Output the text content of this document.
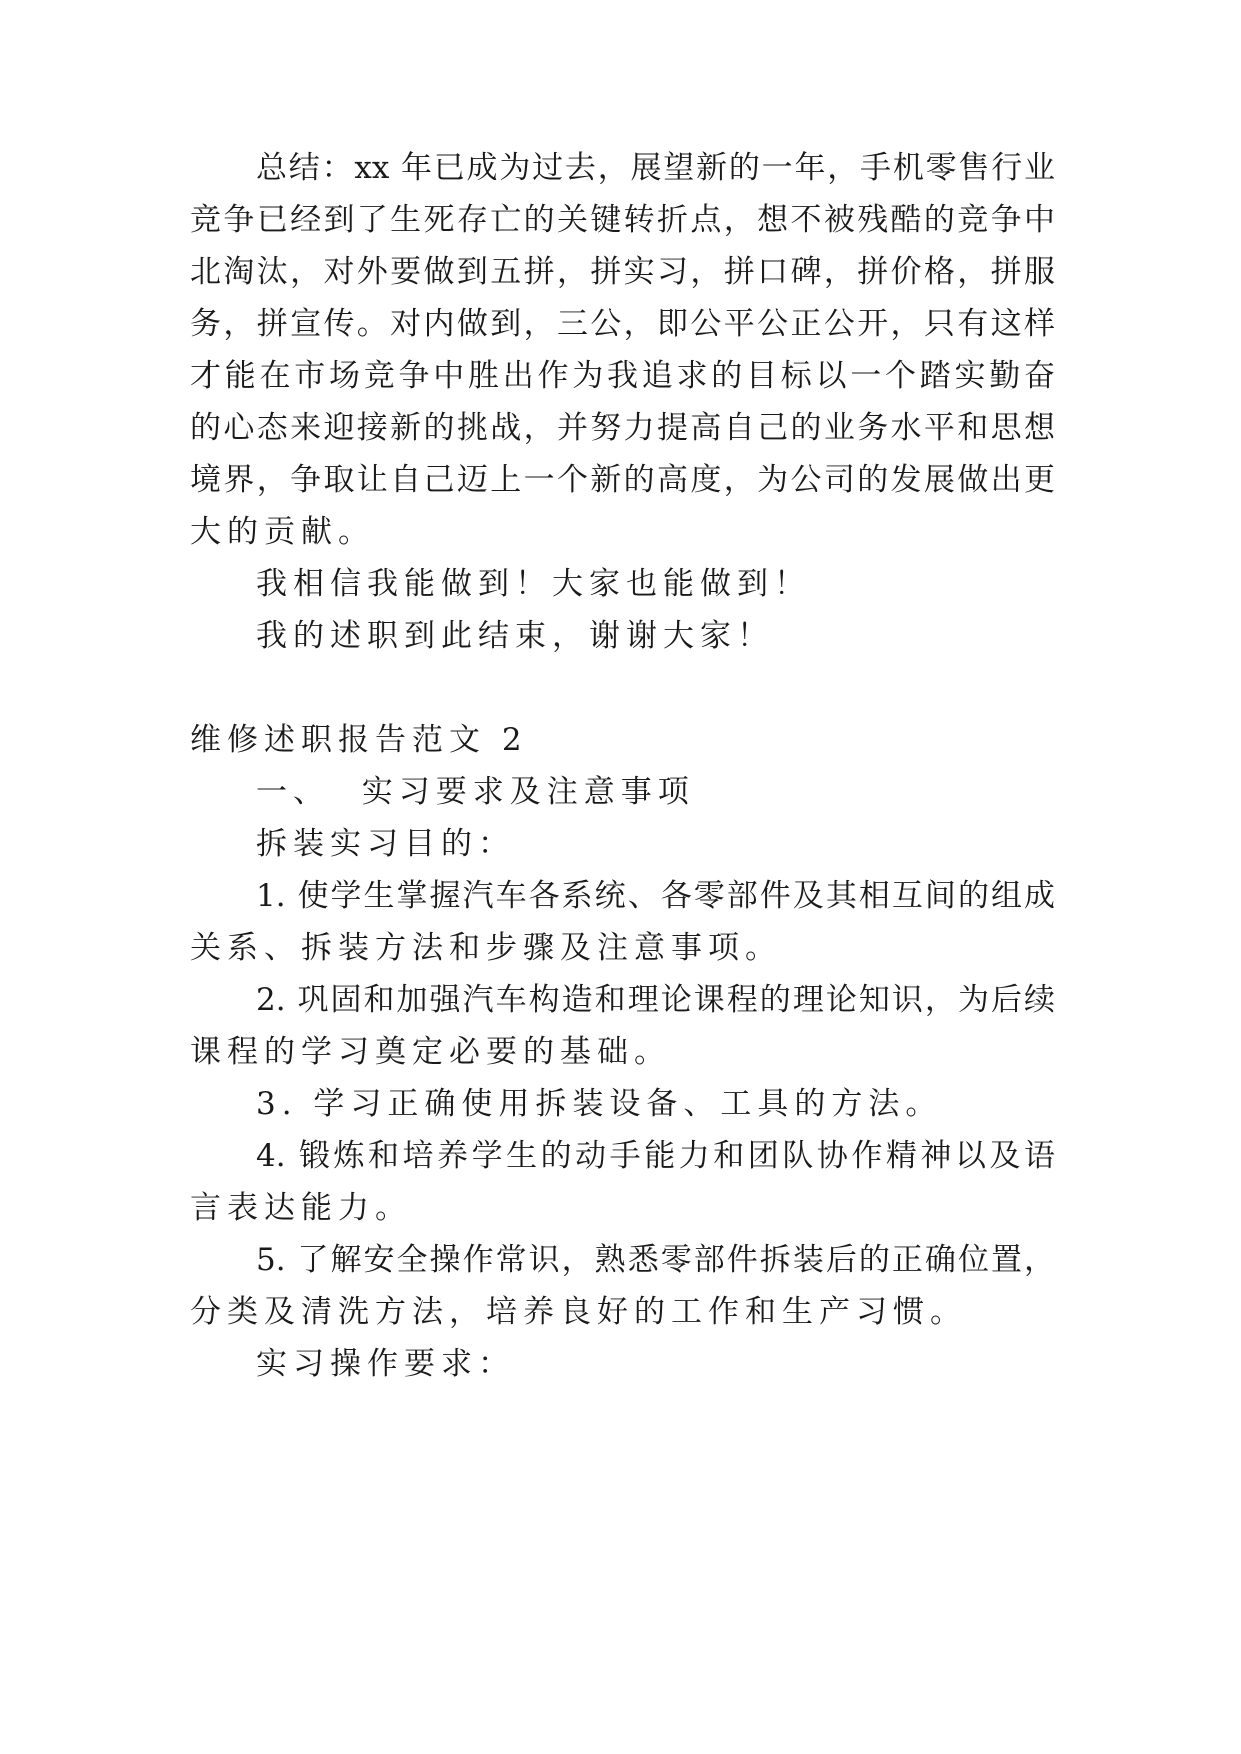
总结：xx 年已成为过去，展望新的一年，手机零售行业
竞争已经到了生死存亡的关键转折点，想不被残酷的竞争中
北淘汰，对外要做到五拼，拼实习，拼口碑，拼价格，拼服
务，拼宣传。对内做到，三公，即公平公正公开，只有这样
才能在市场竞争中胜出作为我追求的目标以一个踏实勤奋
的心态来迎接新的挑战，并努力提高自己的业务水平和思想
境界，争取让自己迈上一个新的高度，为公司的发展做出更
大的贡献。
我相信我能做到！大家也能做到！
我的述职到此结束，谢谢大家！
维修述职报告范文 2
一、  实习要求及注意事项
拆装实习目的：
1. 使学生掌握汽车各系统、各零部件及其相互间的组成
关系、拆装方法和步骤及注意事项。
2. 巩固和加强汽车构造和理论课程的理论知识，为后续
课程的学习奠定必要的基础。
3. 学习正确使用拆装设备、工具的方法。
4. 锻炼和培养学生的动手能力和团队协作精神以及语
言表达能力。
5. 了解安全操作常识，熟悉零部件拆装后的正确位置，
分类及清洗方法，培养良好的工作和生产习惯。
实习操作要求：
